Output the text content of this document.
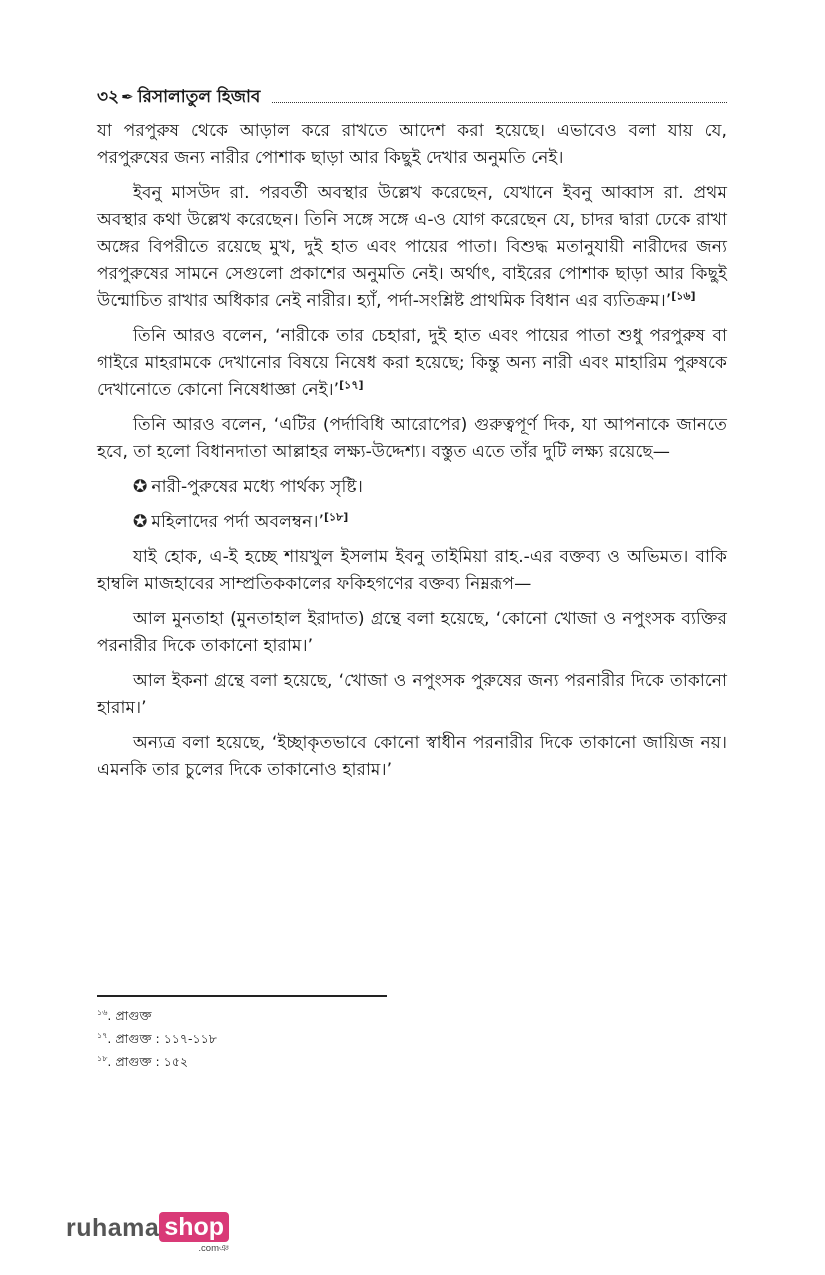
৩২ ✒ রিসালাতুল হিজাব

যা পরপুরুষ থেকে আড়াল করে রাখতে আদেশ করা হয়েছে। এভাবেও বলা যায় যে, পরপুরুষের জন্য নারীর পোশাক ছাড়া আর কিছুই দেখার অনুমতি নেই।

ইবনু মাসউদ রা. পরবর্তী অবস্থার উল্লেখ করেছেন, যেখানে ইবনু আব্বাস রা. প্রথম অবস্থার কথা উল্লেখ করেছেন। তিনি সঙ্গে সঙ্গে এ-ও যোগ করেছেন যে, চাদর দ্বারা ঢেকে রাখা অঙ্গের বিপরীতে রয়েছে মুখ, দুই হাত এবং পায়ের পাতা। বিশুদ্ধ মতানুযায়ী নারীদের জন্য পরপুরুষের সামনে সেগুলো প্রকাশের অনুমতি নেই। অর্থাৎ, বাইরের পোশাক ছাড়া আর কিছুই উন্মোচিত রাখার অধিকার নেই নারীর। হ্যাঁ, পর্দা-সংশ্লিষ্ট প্রাথমিক বিধান এর ব্যতিক্রম।’[১৬]

তিনি আরও বলেন, ‘নারীকে তার চেহারা, দুই হাত এবং পায়ের পাতা শুধু পরপুরুষ বা গাইরে মাহরামকে দেখানোর বিষয়ে নিষেধ করা হয়েছে; কিন্তু অন্য নারী এবং মাহারিম পুরুষকে দেখানোতে কোনো নিষেধাজ্ঞা নেই।’[১৭]

তিনি আরও বলেন, ‘এটির (পর্দাবিধি আরোপের) গুরুত্বপূর্ণ দিক, যা আপনাকে জানতে হবে, তা হলো বিধানদাতা আল্লাহর লক্ষ্য-উদ্দেশ্য। বস্তুত এতে তাঁর দুটি লক্ষ্য রয়েছে—

✪ নারী-পুরুষের মধ্যে পার্থক্য সৃষ্টি।

✪ মহিলাদের পর্দা অবলম্বন।’[১৮]

যাই হোক, এ-ই হচ্ছে শায়খুল ইসলাম ইবনু তাইমিয়া রাহ.-এর বক্তব্য ও অভিমত। বাকি হাম্বলি মাজহাবের সাম্প্রতিককালের ফকিহগণের বক্তব্য নিম্নরূপ—

আল মুনতাহা (মুনতাহাল ইরাদাত) গ্রন্থে বলা হয়েছে, ‘কোনো খোজা ও নপুংসক ব্যক্তির পরনারীর দিকে তাকানো হারাম।’

আল ইকনা গ্রন্থে বলা হয়েছে, ‘খোজা ও নপুংসক পুরুষের জন্য পরনারীর দিকে তাকানো হারাম।’

অন্যত্র বলা হয়েছে, ‘ইচ্ছাকৃতভাবে কোনো স্বাধীন পরনারীর দিকে তাকানো জায়িজ নয়। এমনকি তার চুলের দিকে তাকানোও হারাম।’

$^{১৬}$. প্রাগুক্ত
$^{১৭}$. প্রাগুক্ত : ১১৭-১১৮
$^{১৮}$. প্রাগুক্ত : ১৫২
ruhama shop
.comঞ
